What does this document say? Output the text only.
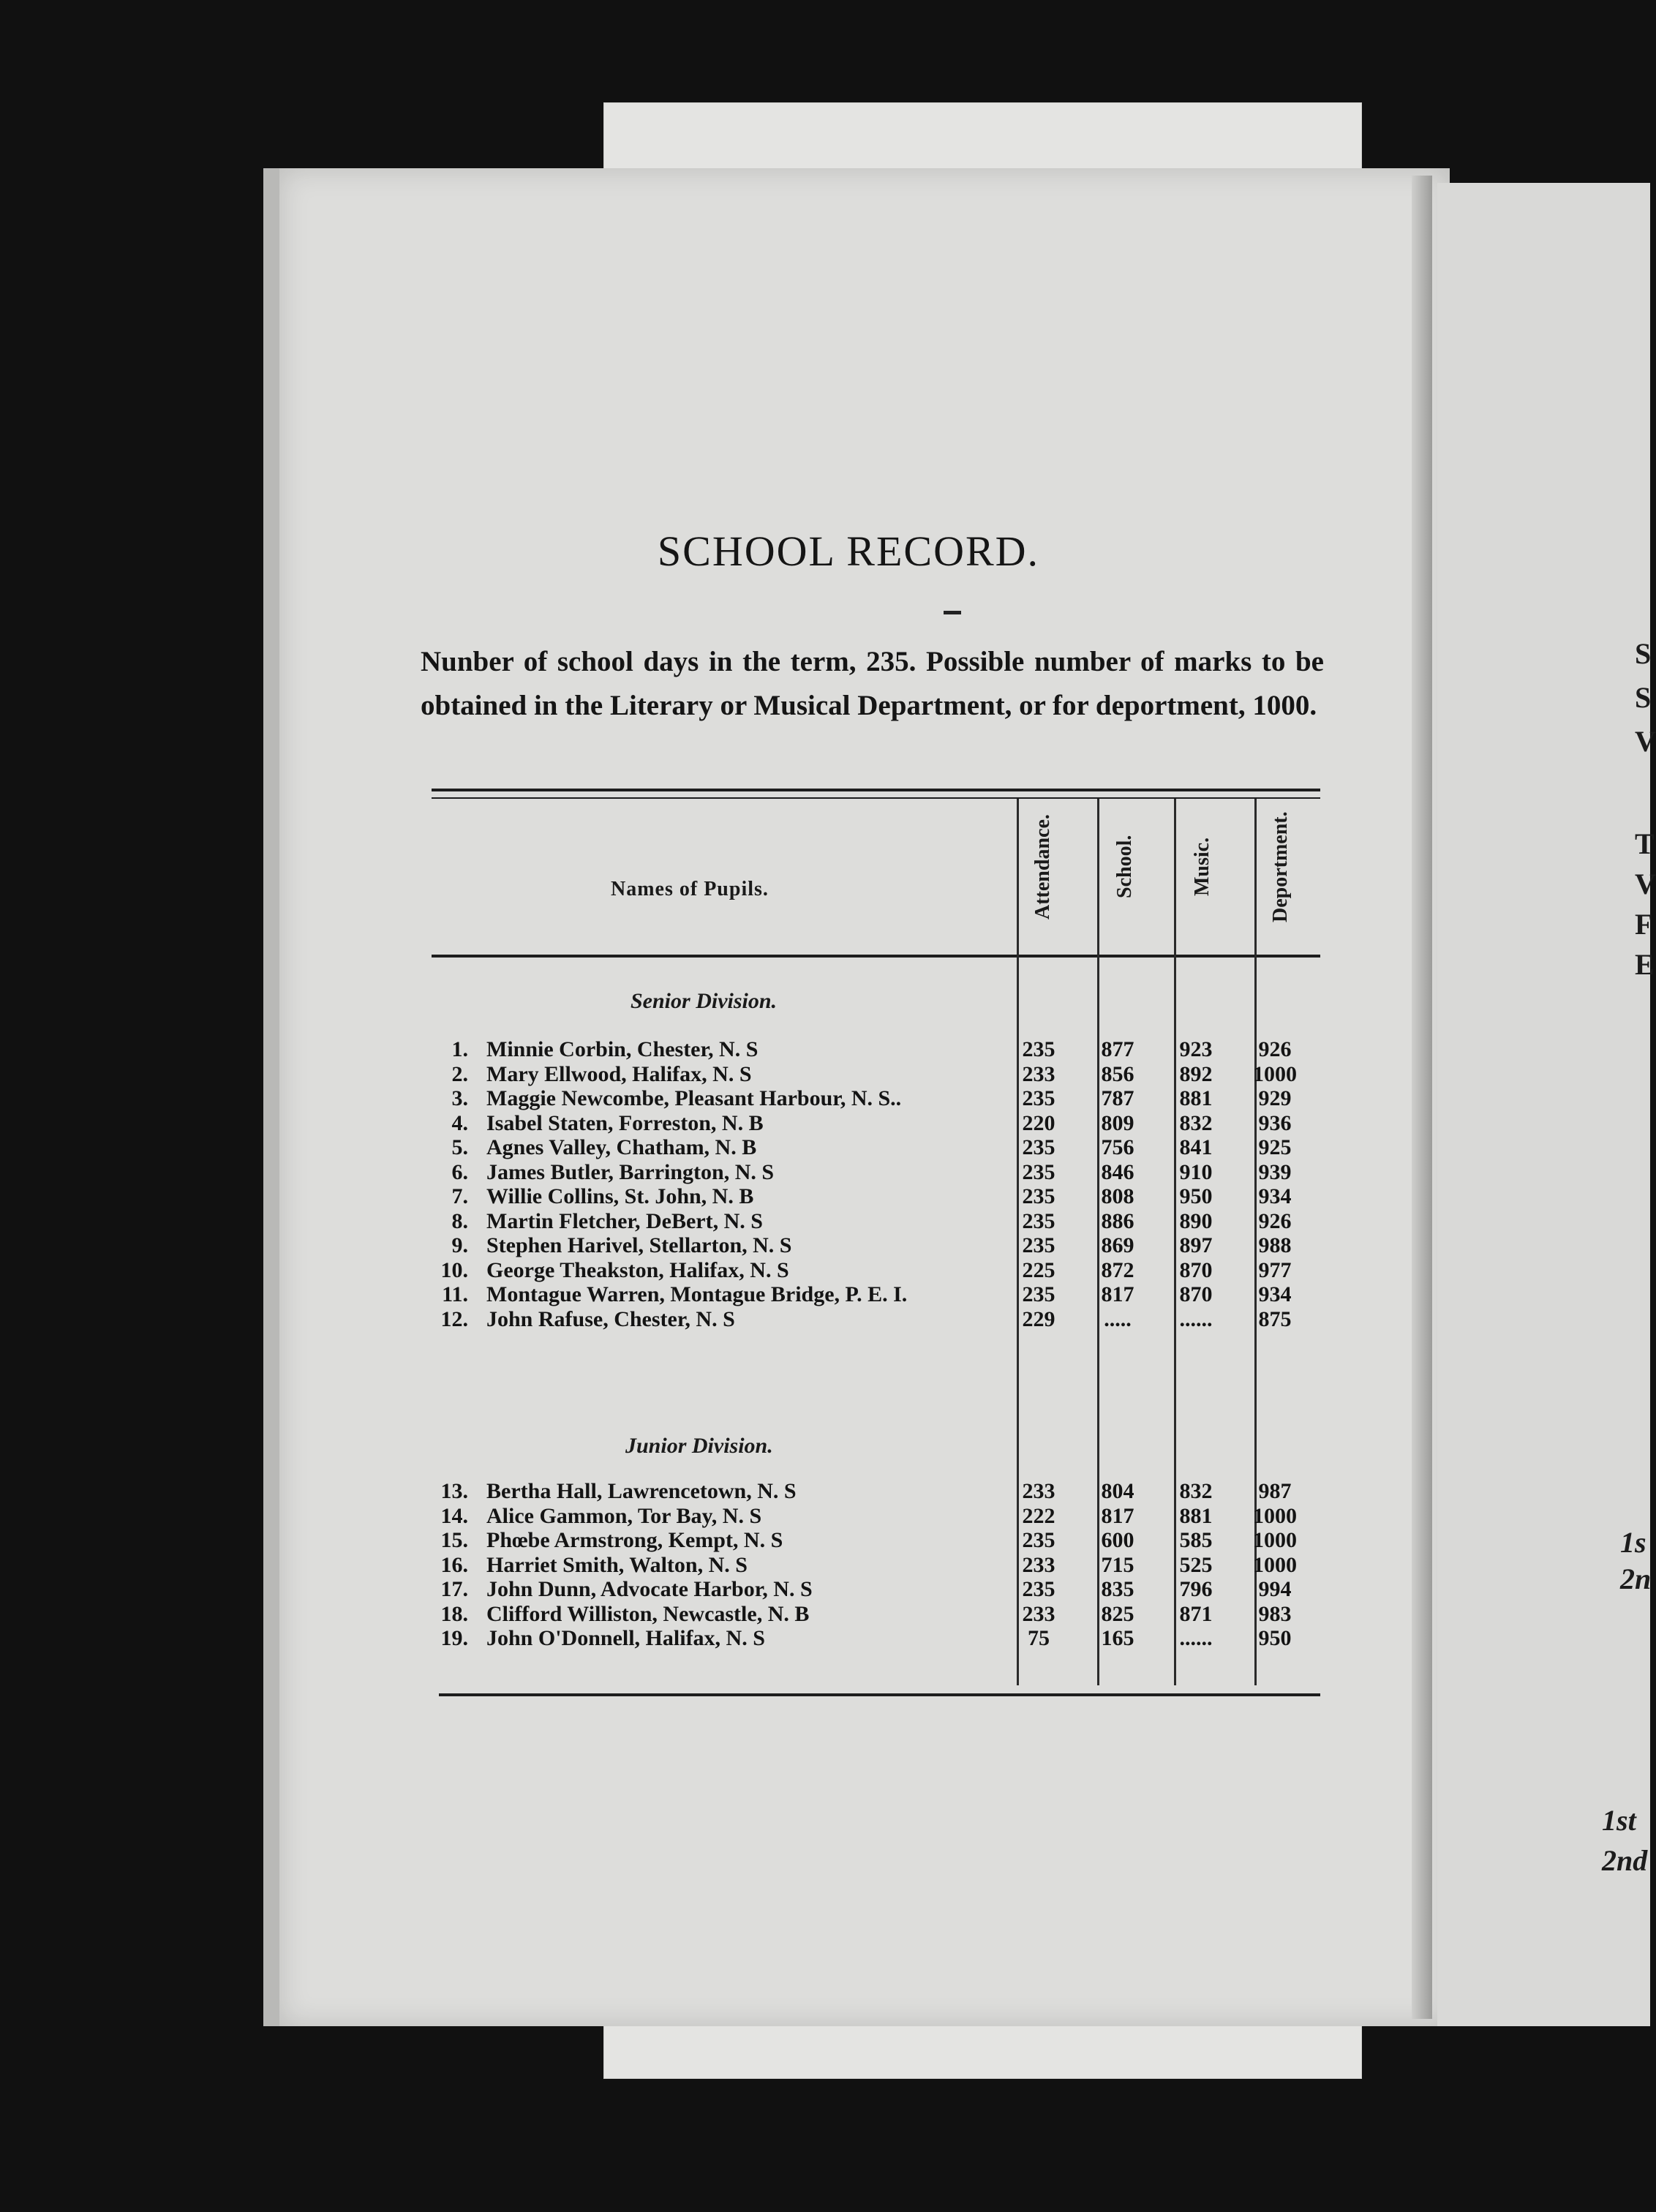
S
S
V
T
V
F
E
1s
2n
1st
2nd
SCHOOL RECORD.
Nunber of school days in the term, 235. Possible number of marks to be obtained in the Literary or Musical Department, or for deportment, 1000.
Names of Pupils.	Attendance.	School.	Music.	Deportment.
Senior Division.
Junior Division.
1. Minnie Corbin, Chester, N. S	235	877	923	926
2. Mary Ellwood, Halifax, N. S	233	856	892	1000
3. Maggie Newcombe, Pleasant Harbour, N. S..	235	787	881	929
4. Isabel Staten, Forreston, N. B	220	809	832	936
5. Agnes Valley, Chatham, N. B	235	756	841	925
6. James Butler, Barrington, N. S	235	846	910	939
7. Willie Collins, St. John, N. B	235	808	950	934
8. Martin Fletcher, DeBert, N. S	235	886	890	926
9. Stephen Harivel, Stellarton, N. S	235	869	897	988
10. George Theakston, Halifax, N. S	225	872	870	977
11. Montague Warren, Montague Bridge, P. E. I.	235	817	870	934
12. John Rafuse, Chester, N. S	229	.....	......	875
13. Bertha Hall, Lawrencetown, N. S	233	804	832	987
14. Alice Gammon, Tor Bay, N. S	222	817	881	1000
15. Phœbe Armstrong, Kempt, N. S	235	600	585	1000
16. Harriet Smith, Walton, N. S	233	715	525	1000
17. John Dunn, Advocate Harbor, N. S	235	835	796	994
18. Clifford Williston, Newcastle, N. B	233	825	871	983
19. John O'Donnell, Halifax, N. S	75	165	......	950
